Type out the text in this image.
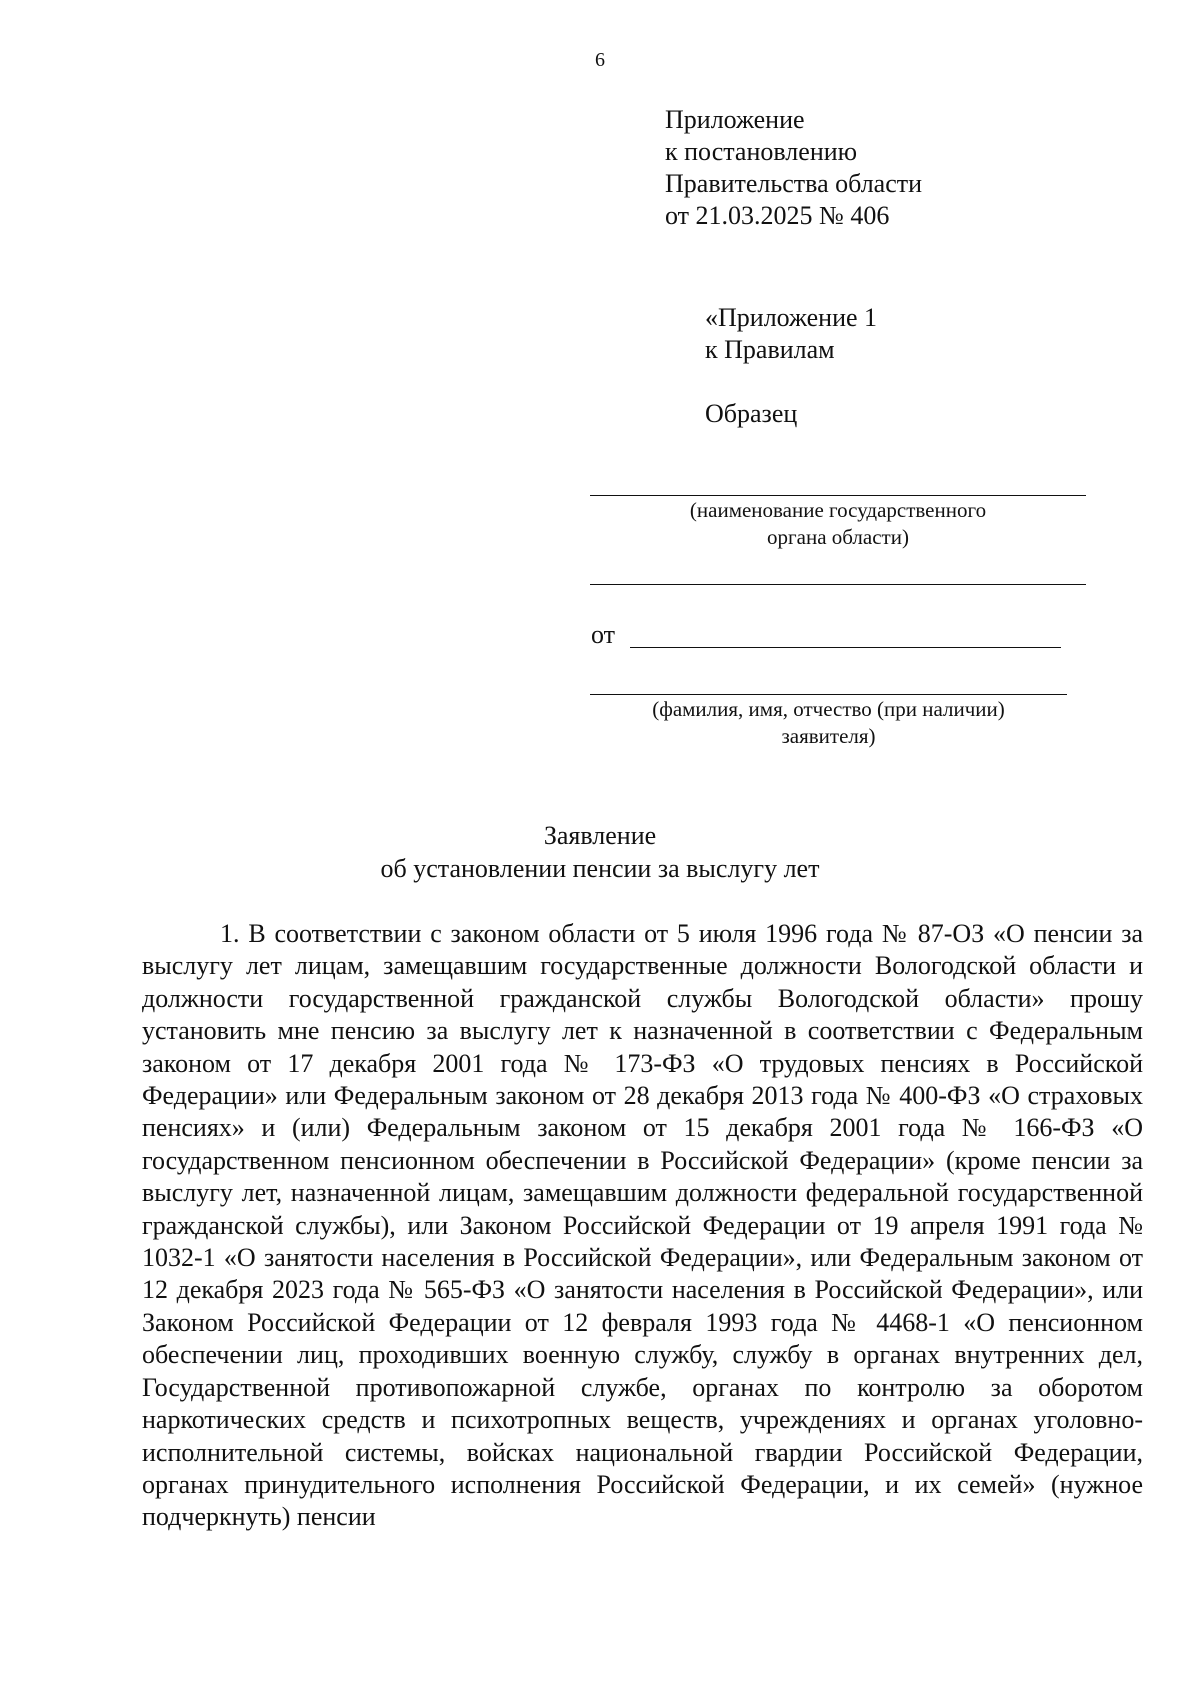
6
Приложение
к постановлению
Правительства области
от 21.03.2025 № 406
«Приложение 1
к Правилам
Образец
(наименование государственного
органа области)
от
(фамилия, имя, отчество (при наличии)
заявителя)
Заявление
об установлении пенсии за выслугу лет

1. В соответствии с законом области от 5 июля 1996 года № 87-ОЗ «О пенсии за выслугу лет лицам, замещавшим государственные должности Вологодской области и должности государственной гражданской службы Вологодской области» прошу установить мне пенсию за выслугу лет к назначенной в соответствии с Федеральным законом от 17 декабря 2001 года № 173-ФЗ «О трудовых пенсиях в Российской Федерации» или Федеральным законом от 28 декабря 2013 года № 400-ФЗ «О страховых пенсиях» и (или) Федеральным законом от 15 декабря 2001 года № 166-ФЗ «О государственном пенсионном обеспечении в Российской Федерации» (кроме пенсии за выслугу лет, назначенной лицам, замещавшим должности федеральной государственной гражданской службы), или Законом Российской Федерации от 19 апреля 1991 года № 1032-1 «О занятости населения в Российской Федерации», или Федеральным законом от 12 декабря 2023 года № 565-ФЗ «О занятости населения в Российской Федерации», или Законом Российской Федерации от 12 февраля 1993 года № 4468-1 «О пенсионном обеспечении лиц, проходивших военную службу, службу в органах внутренних дел, Государственной противопожарной службе, органах по контролю за оборотом наркотических средств и психотропных веществ, учреждениях и органах уголовно-исполнительной системы, войсках национальной гвардии Российской Федерации, органах принудительного исполнения Российской Федерации, и их семей» (нужное подчеркнуть) пенсии
